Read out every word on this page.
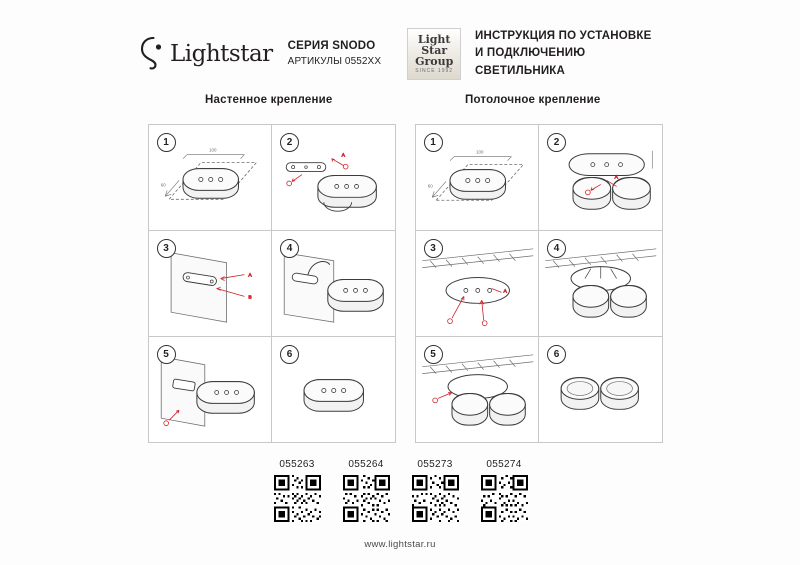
Lightstar СЕРИЯ SNODO
АРТИКУЛЫ 0552XX
Light
Star
Group
SINCE 1992
ИНСТРУКЦИЯ ПО УСТАНОВКЕ
И ПОДКЛЮЧЕНИЮ СВЕТИЛЬНИКА
Настенное крепление	Потолочное крепление
1
100
60
2
A
3
A
B
4
5	6
1
100
60
2
A
3
A
4
5	6
055263	055264	055273	055274
www.lightstar.ru
